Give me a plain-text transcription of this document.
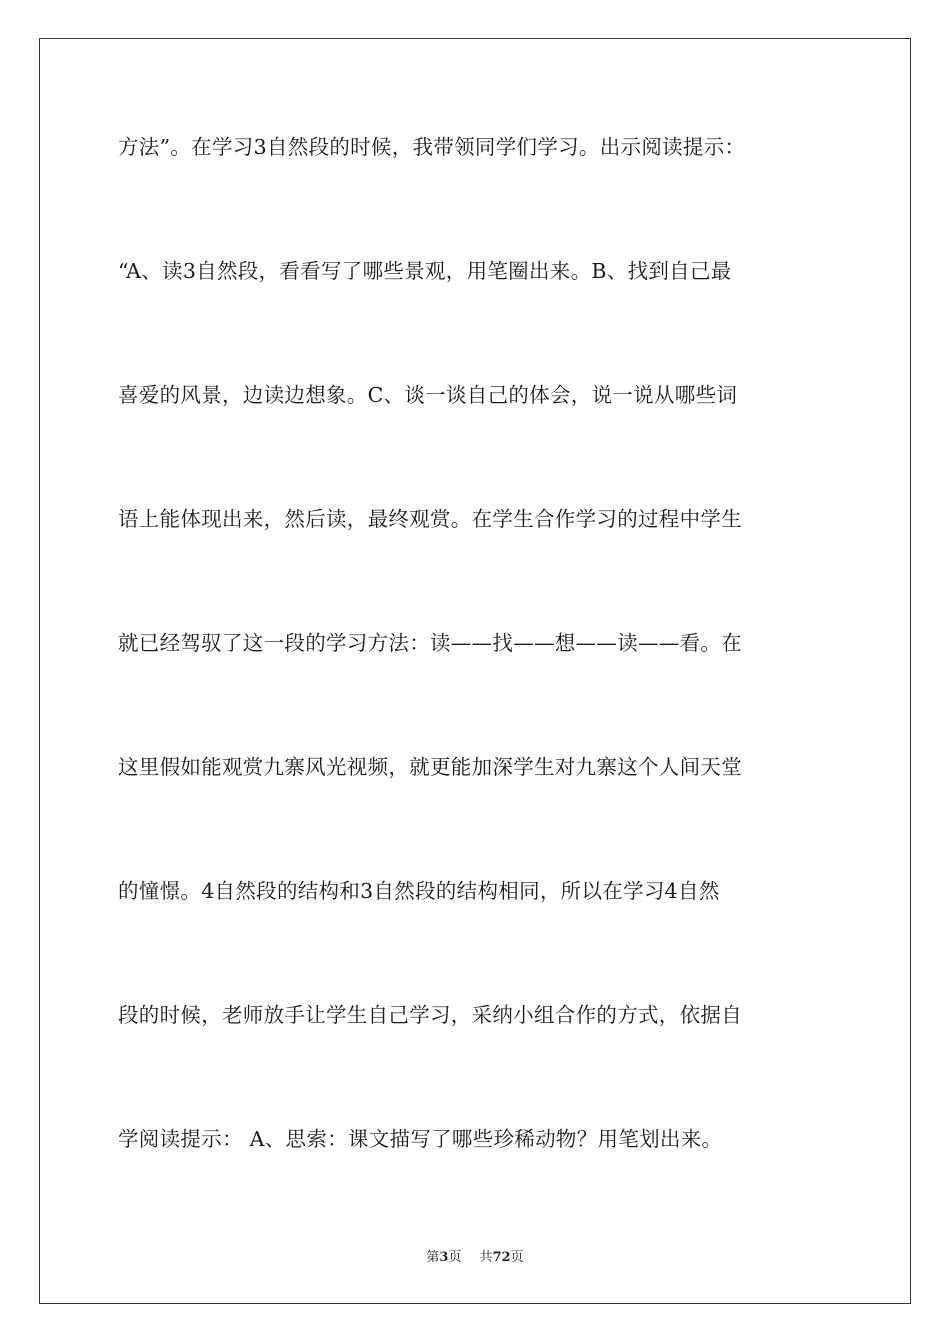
方法”。在学习3自然段的时候，我带领同学们学习。出示阅读提示：
“A、读3自然段，看看写了哪些景观，用笔圈出来。B、找到自己最
喜爱的风景，边读边想象。C、谈一谈自己的体会，说一说从哪些词
语上能体现出来，然后读，最终观赏。在学生合作学习的过程中学生
就已经驾驭了这一段的学习方法：读——找——想——读——看。在
这里假如能观赏九寨风光视频，就更能加深学生对九寨这个人间天堂
的憧憬。4自然段的结构和3自然段的结构相同，所以在学习4自然
段的时候，老师放手让学生自己学习，采纳小组合作的方式，依据自
学阅读提示： A、思索：课文描写了哪些珍稀动物？用笔划出来。
第3页 共72页
